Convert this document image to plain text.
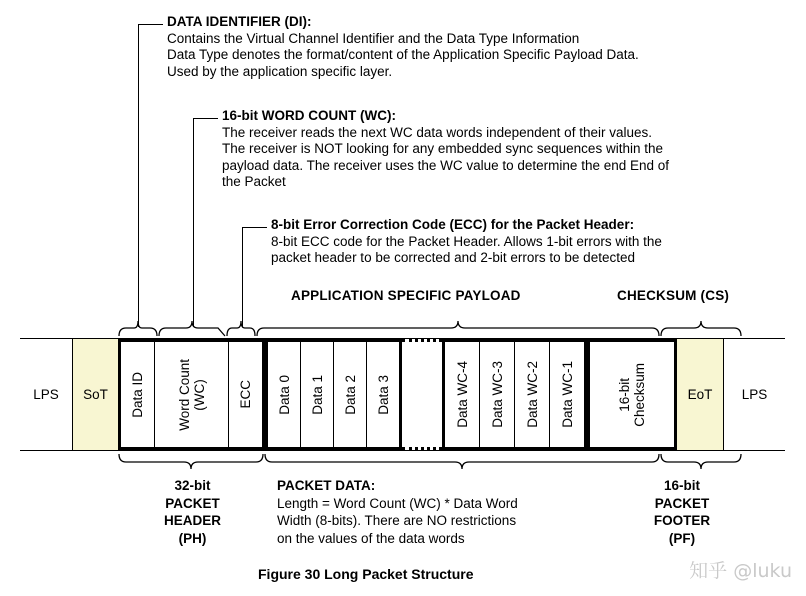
DATA IDENTIFIER (DI):
Contains the Virtual Channel Identifier and the Data Type Information
Data Type denotes the format/content of the Application Specific Payload Data.
Used by the application specific layer.
16-bit WORD COUNT (WC):
The receiver reads the next WC data words independent of their values.
The receiver is NOT looking for any embedded sync sequences within the
payload data. The receiver uses the WC value to determine the end End of
the Packet
8-bit Error Correction Code (ECC) for the Packet Header:
8-bit ECC code for the Packet Header. Allows 1-bit errors with the
packet header to be corrected and 2-bit errors to be detected
APPLICATION SPECIFIC PAYLOAD	CHECKSUM (CS)
LPS SoT Data ID Word Count
(WC) ECC Data 0 Data 1 Data 2 Data 3	Data WC-4 Data WC-3 Data WC-2 Data WC-1	16-bit
Checksum	EoT LPS
32-bit
PACKET
HEADER
(PH)
PACKET DATA:
Length = Word Count (WC) * Data Word
Width (8-bits). There are NO restrictions
on the values of the data words
16-bit
PACKET
FOOTER
(PF)
Figure 30 Long Packet Structure	知乎 @luku
